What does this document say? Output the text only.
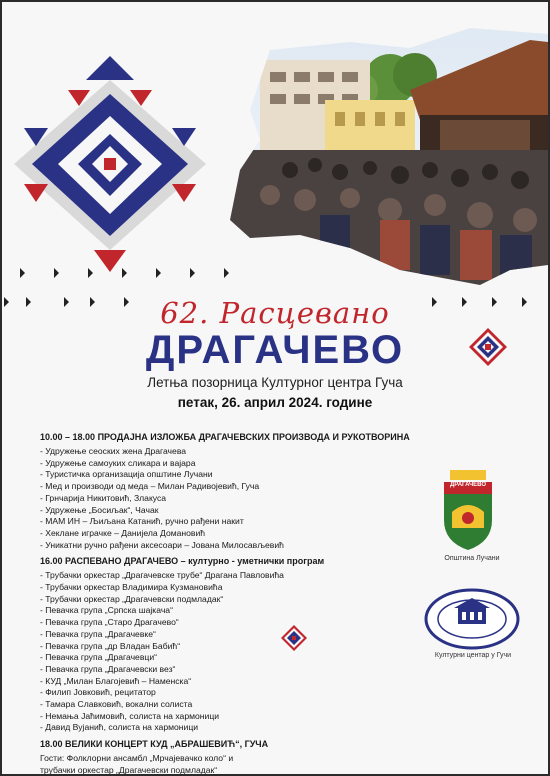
62. Расцевано
ДРАГАЧЕВО
Летња позорница Културног центра Гуча
петак, 26. април 2024. године
10.00 – 18.00 ПРОДАЈНА ИЗЛОЖБА ДРАГАЧЕВСКИХ ПРОИЗВОДА И РУКОТВОРИНА
- Удружење сеоских жена Драгачева
- Удружење самоуких сликара и вајара
- Туристичка организација општине Лучани
- Мед и производи од меда – Милан Радивојевић, Гуча
- Грнчарија Никитовић, Злакуса
- Удружење „Босиљак“, Чачак
- МАМ ИН – Љиљана Катанић, ручно рађени накит
- Хеклане играчке – Данијела Домановић
- Уникатни ручно рађени аксесоари – Јована Милосављевић
16.00 РАСПЕВАНО ДРАГАЧЕВО – културно - уметнички програм
- Трубачки оркестар „Драгачевске трубе“ Драгана Павловића
- Трубачки оркестар Владимира Кузмановића
- Трубачки оркестар „Драгачевски подмладак“
- Певачка група „Српска шајкача“
- Певачка група „Старо Драгачево“
- Певачка група „Драгачевке“
- Певачка група „др Владан Бабић“
- Певачка група „Драгачевци“
- Певачка група „Драгачевски вез“
- КУД „Милан Благојевић – Наменска“
- Филип Јовковић, рецитатор
- Тамара Славковић, вокални солиста
- Немања Јаћимовић, солиста на хармоници
- Давид Вујанић, солиста на хармоници
18.00 ВЕЛИКИ КОНЦЕРТ КУД „АБРАШЕВИЋ“, ГУЧА
Гости: Фолклорни ансамбл „Мрчајевачко коло“ и
трубачки оркестар „Драгачевски подмладак“
ДРАГАЧЕВО
Општина Лучани
Културни центар у Гучи
